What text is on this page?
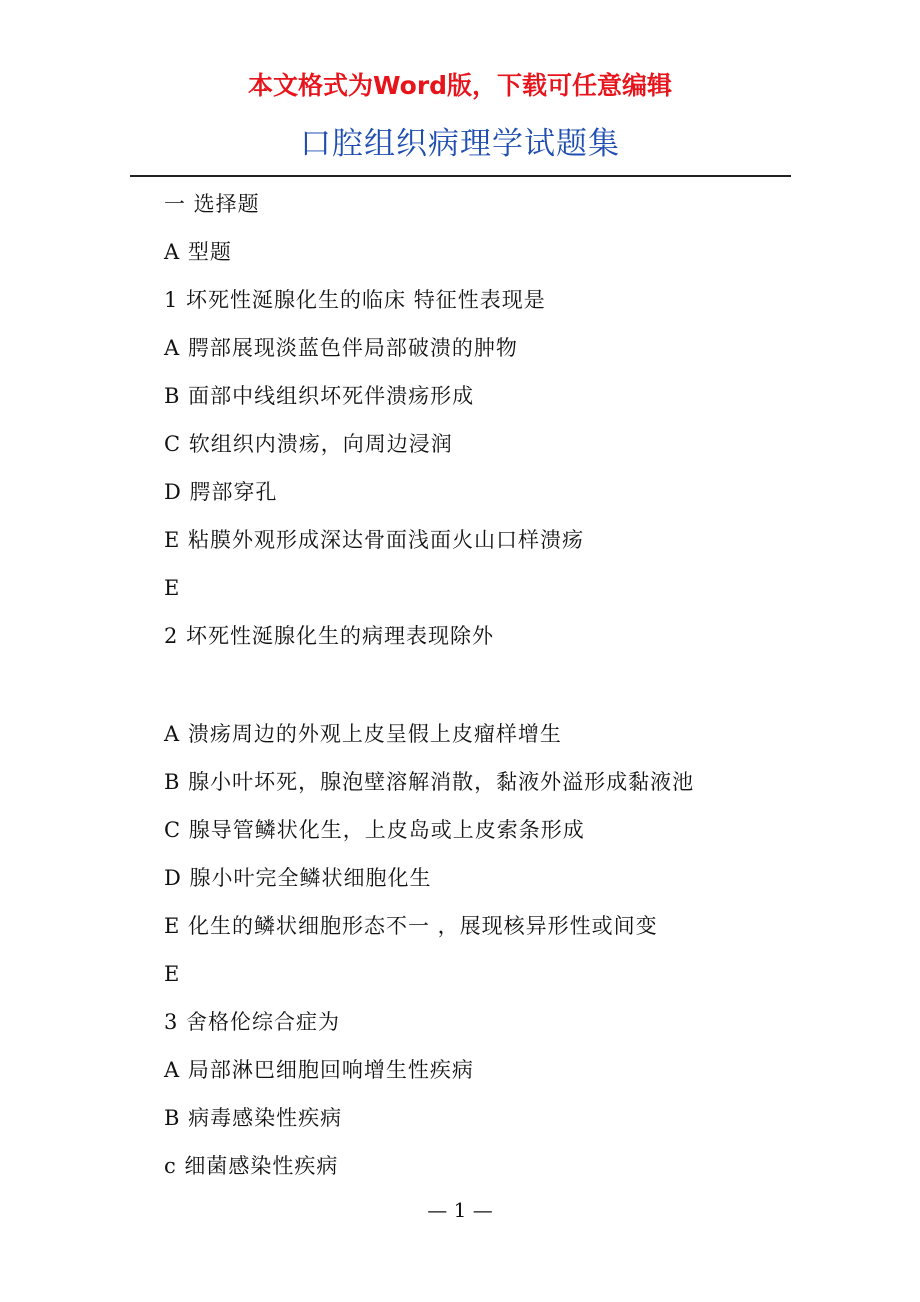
本文格式为Word版，下载可任意编辑
口腔组织病理学试题集
一 选择题
A 型题
1 坏死性涎腺化生的临床 特征性表现是
A 腭部展现淡蓝色伴局部破溃的肿物
B 面部中线组织坏死伴溃疡形成
C 软组织内溃疡，向周边浸润
D 腭部穿孔
E 粘膜外观形成深达骨面浅面火山口样溃疡
E
2 坏死性涎腺化生的病理表现除外
A 溃疡周边的外观上皮呈假上皮瘤样增生
B 腺小叶坏死，腺泡壁溶解消散，黏液外溢形成黏液池
C 腺导管鳞状化生，上皮岛或上皮索条形成
D 腺小叶完全鳞状细胞化生
E 化生的鳞状细胞形态不一 ，展现核异形性或间变
E
3 舍格伦综合症为
A 局部淋巴细胞回响增生性疾病
B 病毒感染性疾病
c 细菌感染性疾病
— 1 —
